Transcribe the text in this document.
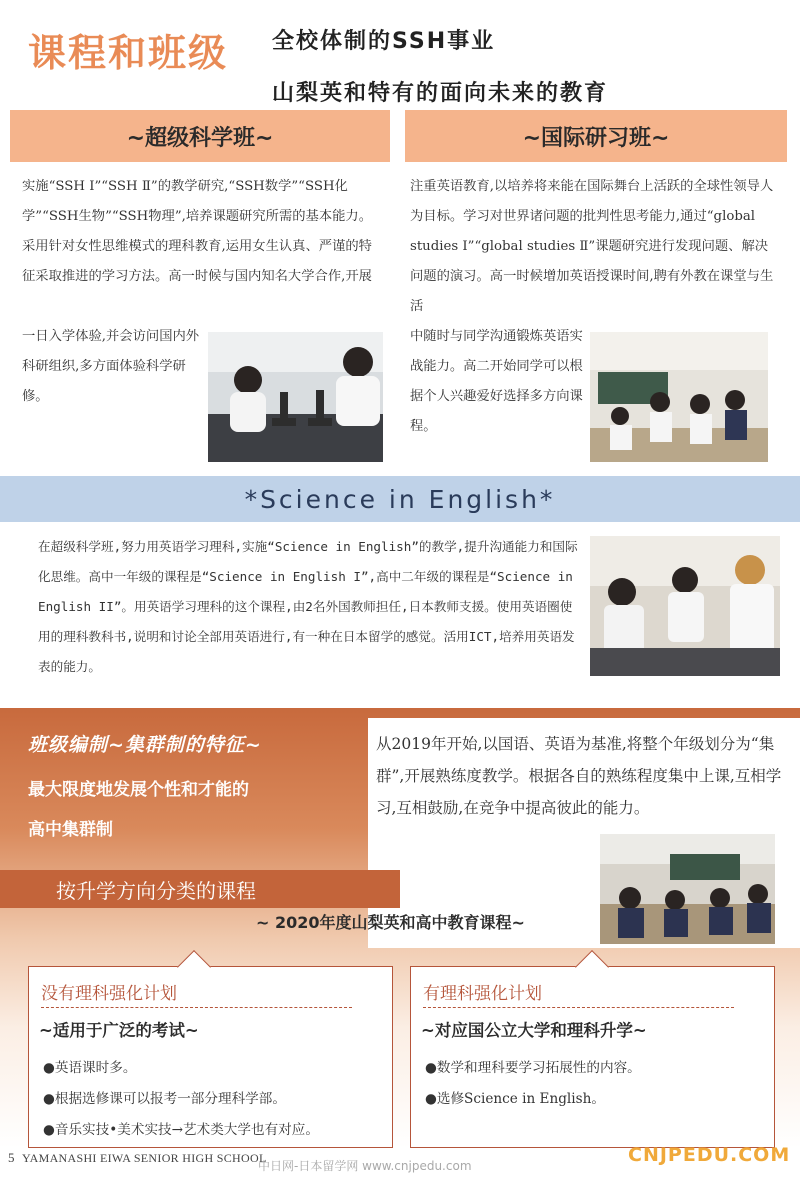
课程和班级 全校体制的SSH事业
山梨英和特有的面向未来的教育
~超级科学班~

实施“SSH Ⅰ”“SSH Ⅱ”的教学研究,“SSH数学”“SSH化学”“SSH生物”“SSH物理”,培养课题研究所需的基本能力。采用针对女性思维模式的理科教育,运用女生认真、严谨的特征采取推进的学习方法。高一时候与国内知名大学合作,开展

一日入学体验,并会访问国内外科研组织,多方面体验科学研修。

~国际研习班~

注重英语教育,以培养将来能在国际舞台上活跃的全球性领导人为目标。学习对世界诸问题的批判性思考能力,通过“global studies Ⅰ”“global studies Ⅱ”课题研究进行发现问题、解决问题的演习。高一时候增加英语授课时间,聘有外教在课堂与生活

中随时与同学沟通锻炼英语实战能力。高二开始同学可以根据个人兴趣爱好选择多方向课程。

*Science in English*

在超级科学班,努力用英语学习理科,实施“Science in English”的教学,提升沟通能力和国际化思维。高中一年级的课程是“Science in English I”,高中二年级的课程是“Science in English II”。用英语学习理科的这个课程,由2名外国教师担任,日本教师支援。使用英语圈使用的理科教科书,说明和讨论全部用英语进行,有一种在日本留学的感觉。活用ICT,培养用英语发表的能力。

班级编制~集群制的特征~
最大限度地发展个性和才能的
高中集群制

从2019年开始,以国语、英语为基准,将整个年级划分为“集群”,开展熟练度教学。根据各自的熟练程度集中上课,互相学习,互相鼓励,在竞争中提高彼此的能力。

按升学方向分类的课程
~ 2020年度山梨英和高中教育课程~
没有理科强化计划
~适用于广泛的考试~
●英语课时多。
●根据选修课可以报考一部分理科学部。
●音乐实技•美术实技→艺术类大学也有对应。
有理科强化计划
~对应国公立大学和理科升学~
●数学和理科要学习拓展性的内容。
●选修Science in English。
5 YAMANASHI EIWA SENIOR HIGH SCHOOL
中日网-日本留学网 www.cnjpedu.com	CNJPEDU.COM
